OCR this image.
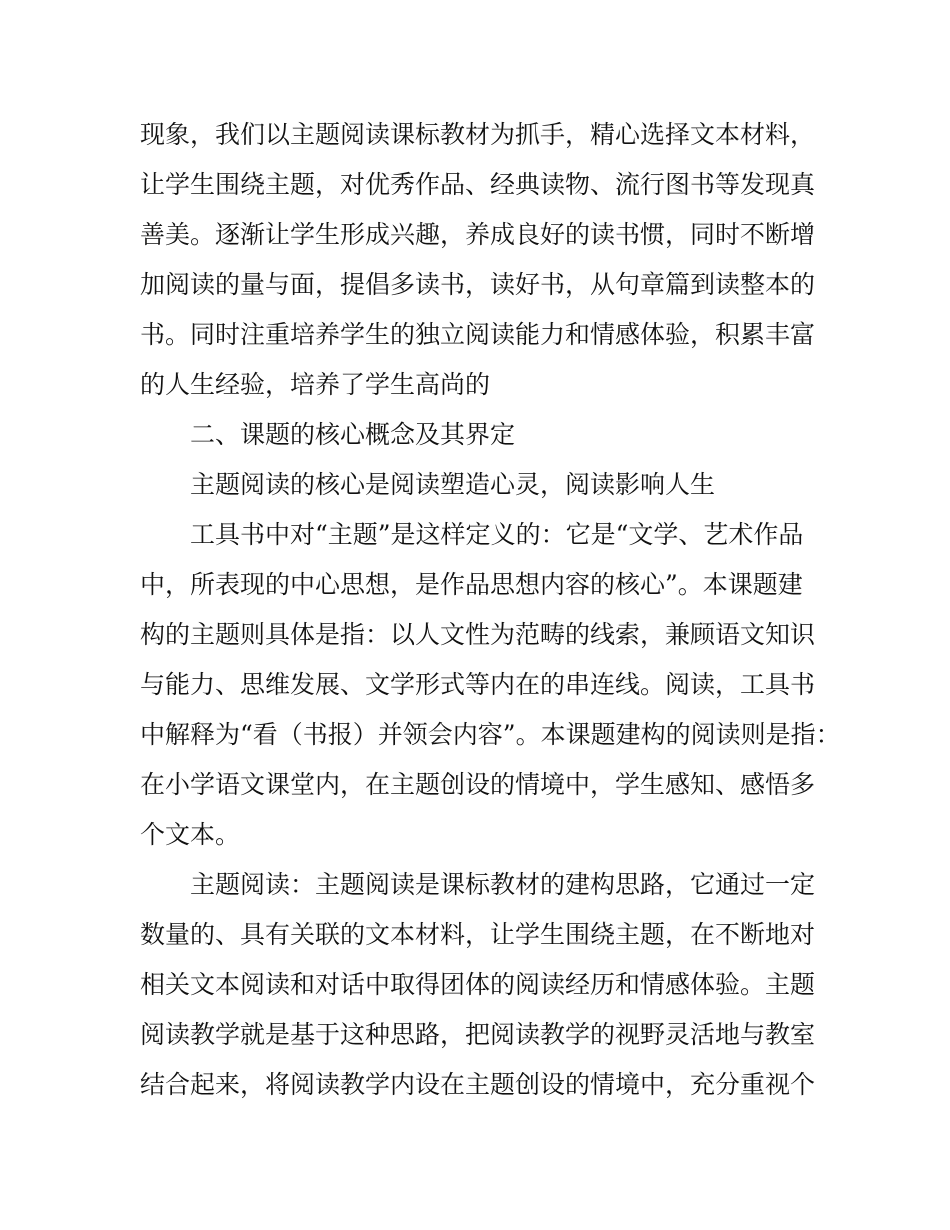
现象，我们以主题阅读课标教材为抓手，精心选择文本材料，
让学生围绕主题，对优秀作品、经典读物、流行图书等发现真
善美。逐渐让学生形成兴趣，养成良好的读书惯，同时不断增
加阅读的量与面，提倡多读书，读好书，从句章篇到读整本的
书。同时注重培养学生的独立阅读能力和情感体验，积累丰富
的人生经验，培养了学生高尚的
二、课题的核心概念及其界定
主题阅读的核心是阅读塑造心灵，阅读影响人生
工具书中对“主题”是这样定义的：它是“文学、艺术作品
中，所表现的中心思想，是作品思想内容的核心”。本课题建
构的主题则具体是指：以人文性为范畴的线索，兼顾语文知识
与能力、思维发展、文学形式等内在的串连线。阅读，工具书
中解释为“看（书报）并领会内容”。本课题建构的阅读则是指：
在小学语文课堂内，在主题创设的情境中，学生感知、感悟多
个文本。
主题阅读：主题阅读是课标教材的建构思路，它通过一定
数量的、具有关联的文本材料，让学生围绕主题，在不断地对
相关文本阅读和对话中取得团体的阅读经历和情感体验。主题
阅读教学就是基于这种思路，把阅读教学的视野灵活地与教室
结合起来，将阅读教学内设在主题创设的情境中，充分重视个
